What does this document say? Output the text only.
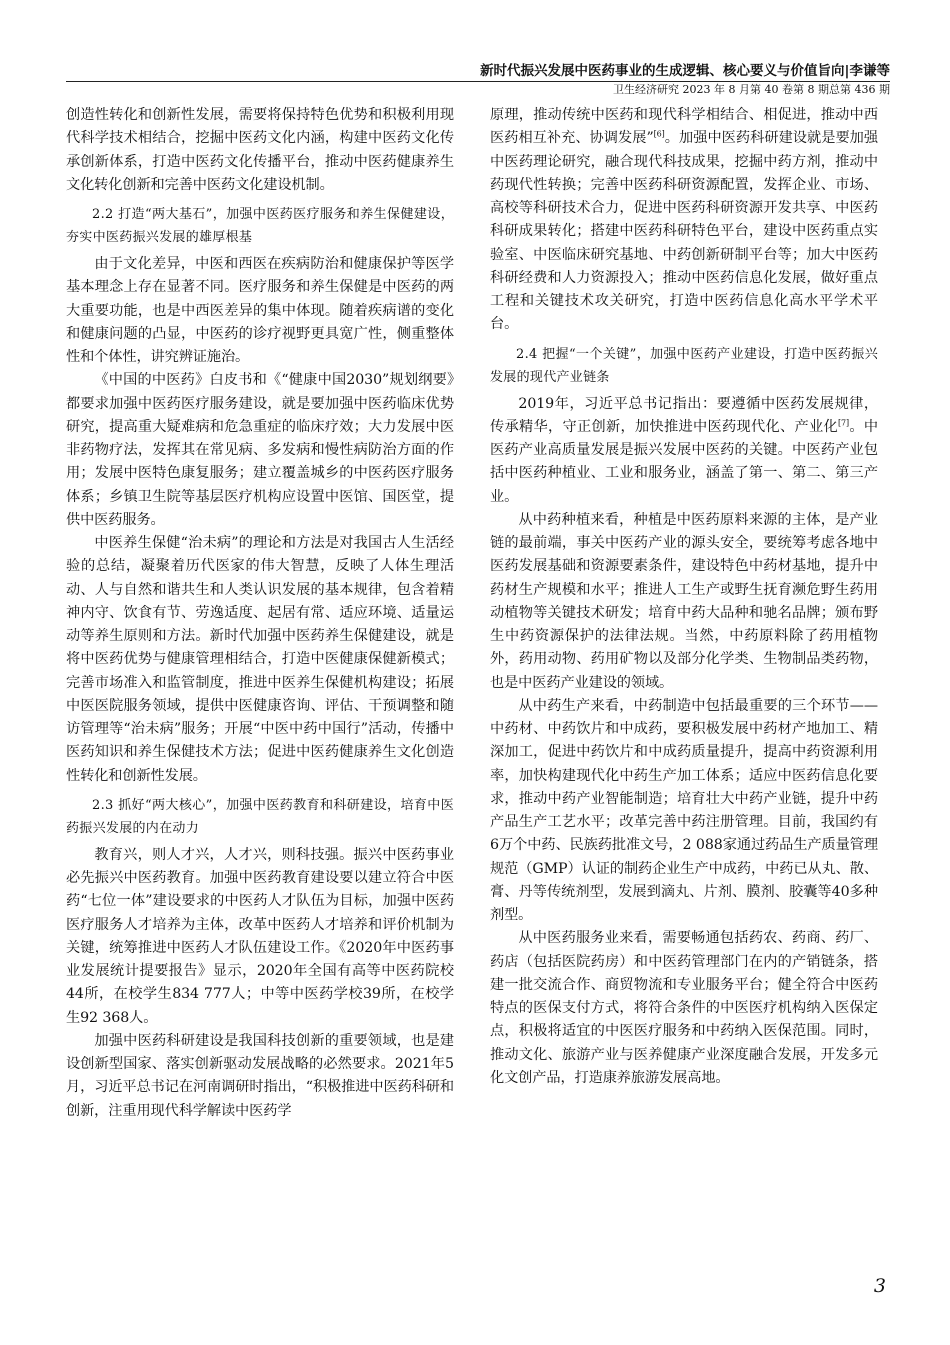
新时代振兴发展中医药事业的生成逻辑、核心要义与价值旨向|李谦等
卫生经济研究 2023 年 8 月第 40 卷第 8 期总第 436 期

创造性转化和创新性发展，需要将保持特色优势和积极利用现代科学技术相结合，挖掘中医药文化内涵，构建中医药文化传承创新体系，打造中医药文化传播平台，推动中医药健康养生文化转化创新和完善中医药文化建设机制。

2.2 打造“两大基石”，加强中医药医疗服务和养生保健建设，夯实中医药振兴发展的雄厚根基

由于文化差异，中医和西医在疾病防治和健康保护等医学基本理念上存在显著不同。医疗服务和养生保健是中医药的两大重要功能，也是中西医差异的集中体现。随着疾病谱的变化和健康问题的凸显，中医药的诊疗视野更具宽广性，侧重整体性和个体性，讲究辨证施治。

《中国的中医药》白皮书和《“健康中国2030”规划纲要》都要求加强中医药医疗服务建设，就是要加强中医药临床优势研究，提高重大疑难病和危急重症的临床疗效；大力发展中医非药物疗法，发挥其在常见病、多发病和慢性病防治方面的作用；发展中医特色康复服务；建立覆盖城乡的中医药医疗服务体系；乡镇卫生院等基层医疗机构应设置中医馆、国医堂，提供中医药服务。

中医养生保健“治未病”的理论和方法是对我国古人生活经验的总结，凝聚着历代医家的伟大智慧，反映了人体生理活动、人与自然和谐共生和人类认识发展的基本规律，包含着精神内守、饮食有节、劳逸适度、起居有常、适应环境、适量运动等养生原则和方法。新时代加强中医药养生保健建设，就是将中医药优势与健康管理相结合，打造中医健康保健新模式；完善市场准入和监管制度，推进中医养生保健机构建设；拓展中医医院服务领域，提供中医健康咨询、评估、干预调整和随访管理等“治未病”服务；开展“中医中药中国行”活动，传播中医药知识和养生保健技术方法；促进中医药健康养生文化创造性转化和创新性发展。

2.3 抓好“两大核心”，加强中医药教育和科研建设，培育中医药振兴发展的内在动力

教育兴，则人才兴，人才兴，则科技强。振兴中医药事业必先振兴中医药教育。加强中医药教育建设要以建立符合中医药“七位一体”建设要求的中医药人才队伍为目标，加强中医药医疗服务人才培养为主体，改革中医药人才培养和评价机制为关键，统筹推进中医药人才队伍建设工作。《2020年中医药事业发展统计提要报告》显示，2020年全国有高等中医药院校44所，在校学生834 777人；中等中医药学校39所，在校学生92 368人。

加强中医药科研建设是我国科技创新的重要领域，也是建设创新型国家、落实创新驱动发展战略的必然要求。2021年5月，习近平总书记在河南调研时指出，“积极推进中医药科研和创新，注重用现代科学解读中医药学

原理，推动传统中医药和现代科学相结合、相促进，推动中西医药相互补充、协调发展”[6]。加强中医药科研建设就是要加强中医药理论研究，融合现代科技成果，挖掘中药方剂，推动中药现代性转换；完善中医药科研资源配置，发挥企业、市场、高校等科研技术合力，促进中医药科研资源开发共享、中医药科研成果转化；搭建中医药科研特色平台，建设中医药重点实验室、中医临床研究基地、中药创新研制平台等；加大中医药科研经费和人力资源投入；推动中医药信息化发展，做好重点工程和关键技术攻关研究，打造中医药信息化高水平学术平台。

2.4 把握“一个关键”，加强中医药产业建设，打造中医药振兴发展的现代产业链条

2019年，习近平总书记指出：要遵循中医药发展规律，传承精华，守正创新，加快推进中医药现代化、产业化[7]。中医药产业高质量发展是振兴发展中医药的关键。中医药产业包括中医药种植业、工业和服务业，涵盖了第一、第二、第三产业。

从中药种植来看，种植是中医药原料来源的主体，是产业链的最前端，事关中医药产业的源头安全，要统筹考虑各地中医药发展基础和资源要素条件，建设特色中药材基地，提升中药材生产规模和水平；推进人工生产或野生抚育濒危野生药用动植物等关键技术研发；培育中药大品种和驰名品牌；颁布野生中药资源保护的法律法规。当然，中药原料除了药用植物外，药用动物、药用矿物以及部分化学类、生物制品类药物，也是中医药产业建设的领域。

从中药生产来看，中药制造中包括最重要的三个环节——中药材、中药饮片和中成药，要积极发展中药材产地加工、精深加工，促进中药饮片和中成药质量提升，提高中药资源利用率，加快构建现代化中药生产加工体系；适应中医药信息化要求，推动中药产业智能制造；培育壮大中药产业链，提升中药产品生产工艺水平；改革完善中药注册管理。目前，我国约有6万个中药、民族药批准文号，2 088家通过药品生产质量管理规范（GMP）认证的制药企业生产中成药，中药已从丸、散、膏、丹等传统剂型，发展到滴丸、片剂、膜剂、胶囊等40多种剂型。

从中医药服务业来看，需要畅通包括药农、药商、药厂、药店（包括医院药房）和中医药管理部门在内的产销链条，搭建一批交流合作、商贸物流和专业服务平台；健全符合中医药特点的医保支付方式，将符合条件的中医医疗机构纳入医保定点，积极将适宜的中医医疗服务和中药纳入医保范围。同时，推动文化、旅游产业与医养健康产业深度融合发展，开发多元化文创产品，打造康养旅游发展高地。

3
